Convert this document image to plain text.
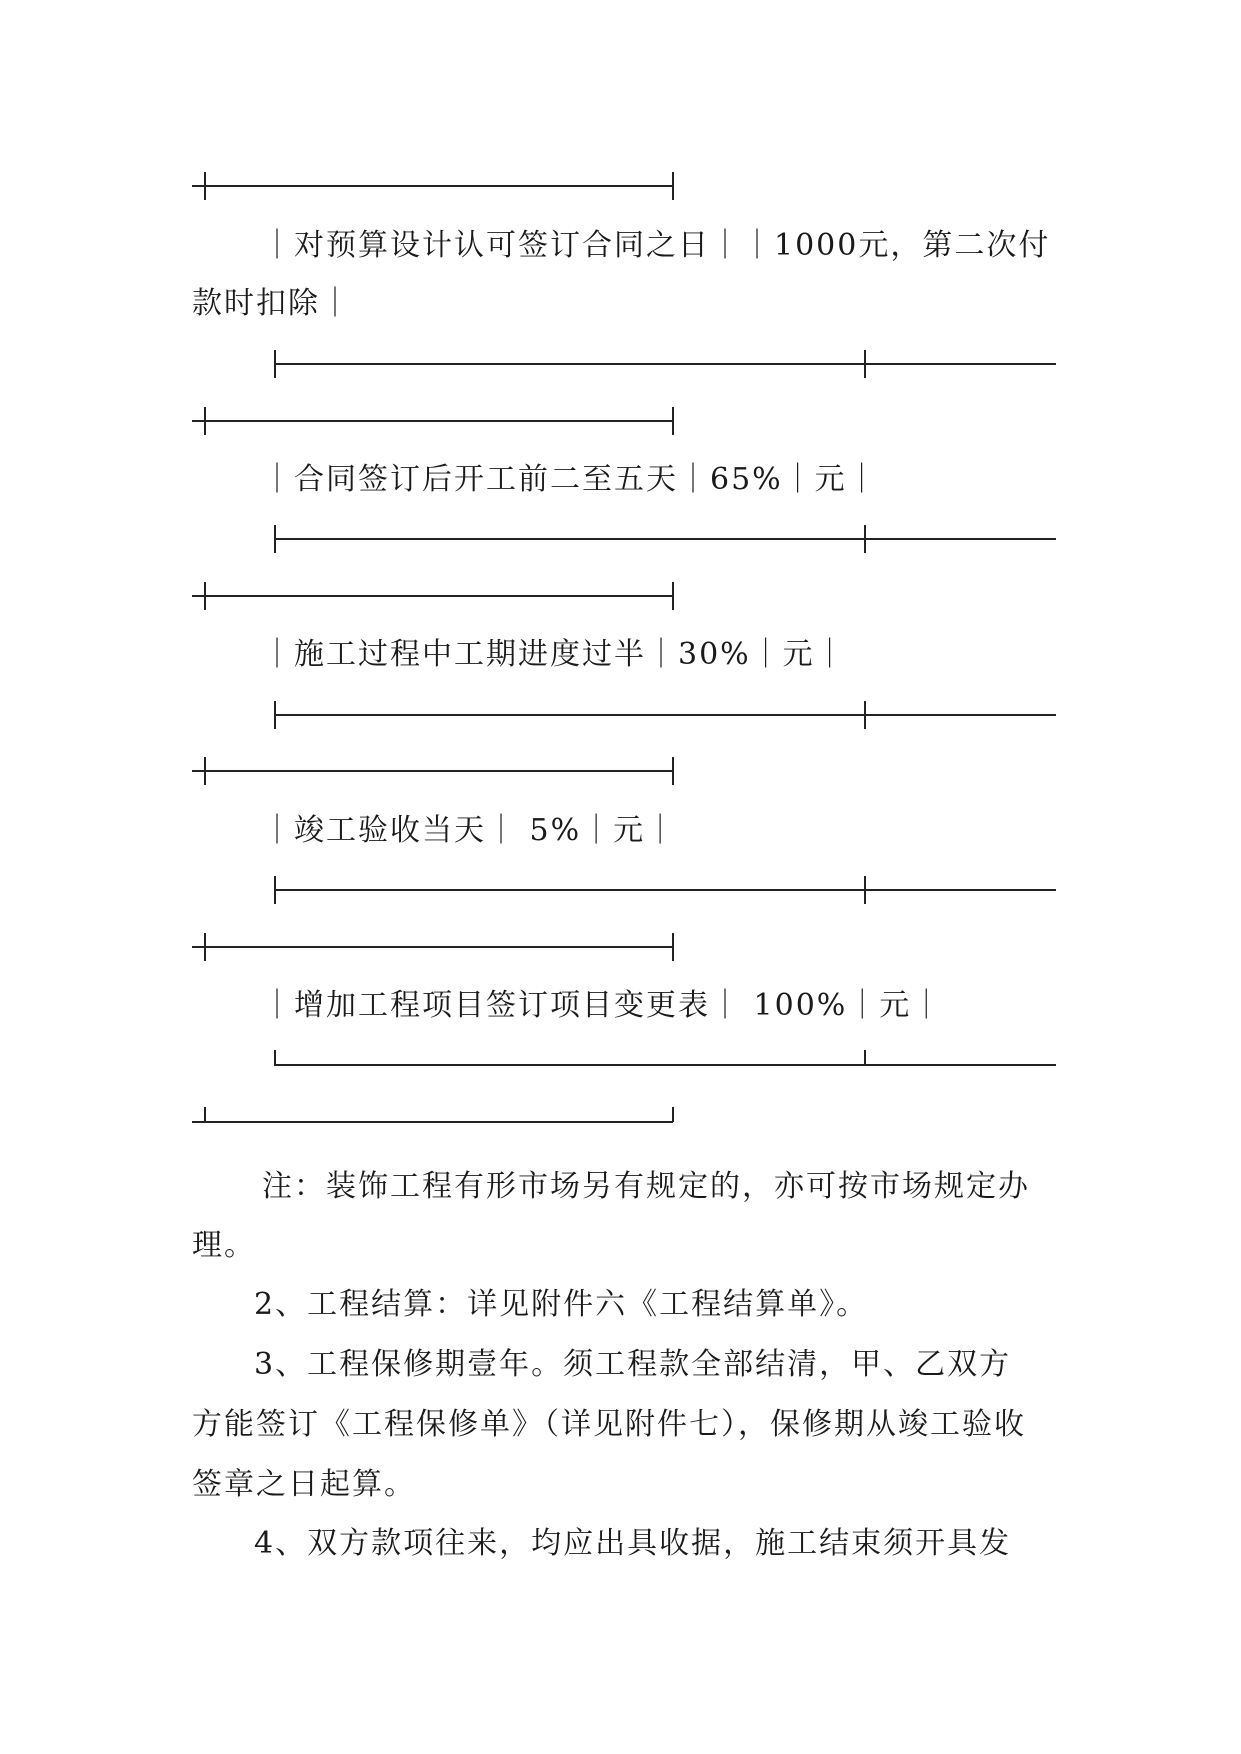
｜对预算设计认可签订合同之日｜｜1000元，第二次付
款时扣除｜
｜合同签订后开工前二至五天｜65%｜元｜
｜施工过程中工期进度过半｜30%｜元｜
｜竣工验收当天｜ 5%｜元｜
｜增加工程项目签订项目变更表｜ 100%｜元｜
注：装饰工程有形市场另有规定的，亦可按市场规定办
理。
2、工程结算：详见附件六《工程结算单》。
3、工程保修期壹年。须工程款全部结清，甲、乙双方
方能签订《工程保修单》（详见附件七），保修期从竣工验收
签章之日起算。
4、双方款项往来，均应出具收据，施工结束须开具发
